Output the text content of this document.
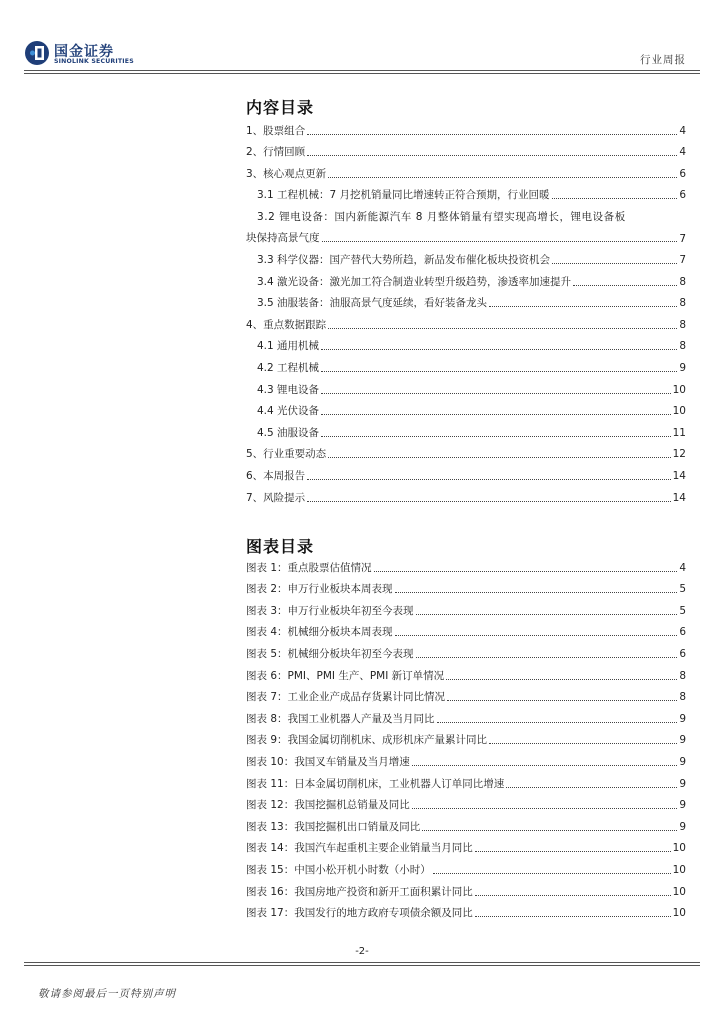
国金证券
SINOLINK SECURITIES	行业周报
内容目录
1、股票组合	4
2、行情回顾	4
3、核心观点更新	6
3.1 工程机械：7 月挖机销量同比增速转正符合预期，行业回暖	6
3.2 锂电设备：国内新能源汽车 8 月整体销量有望实现高增长，锂电设备板
块保持高景气度	7
3.3 科学仪器：国产替代大势所趋，新品发布催化板块投资机会	7
3.4 激光设备：激光加工符合制造业转型升级趋势，渗透率加速提升	8
3.5 油服装备：油服高景气度延续，看好装备龙头	8
4、重点数据跟踪	8
4.1 通用机械	8
4.2 工程机械	9
4.3 锂电设备	10
4.4 光伏设备	10
4.5 油服设备	11
5、行业重要动态	12
6、本周报告	14
7、风险提示	14
图表目录
图表 1：重点股票估值情况	4
图表 2：申万行业板块本周表现	5
图表 3：申万行业板块年初至今表现	5
图表 4：机械细分板块本周表现	6
图表 5：机械细分板块年初至今表现	6
图表 6：PMI、PMI 生产、PMI 新订单情况	8
图表 7：工业企业产成品存货累计同比情况	8
图表 8：我国工业机器人产量及当月同比	9
图表 9：我国金属切削机床、成形机床产量累计同比	9
图表 10：我国叉车销量及当月增速	9
图表 11：日本金属切削机床，工业机器人订单同比增速	9
图表 12：我国挖掘机总销量及同比	9
图表 13：我国挖掘机出口销量及同比	9
图表 14：我国汽车起重机主要企业销量当月同比	10
图表 15：中国小松开机小时数（小时）	10
图表 16：我国房地产投资和新开工面积累计同比	10
图表 17：我国发行的地方政府专项债余额及同比	10
-2-
敬请参阅最后一页特别声明
